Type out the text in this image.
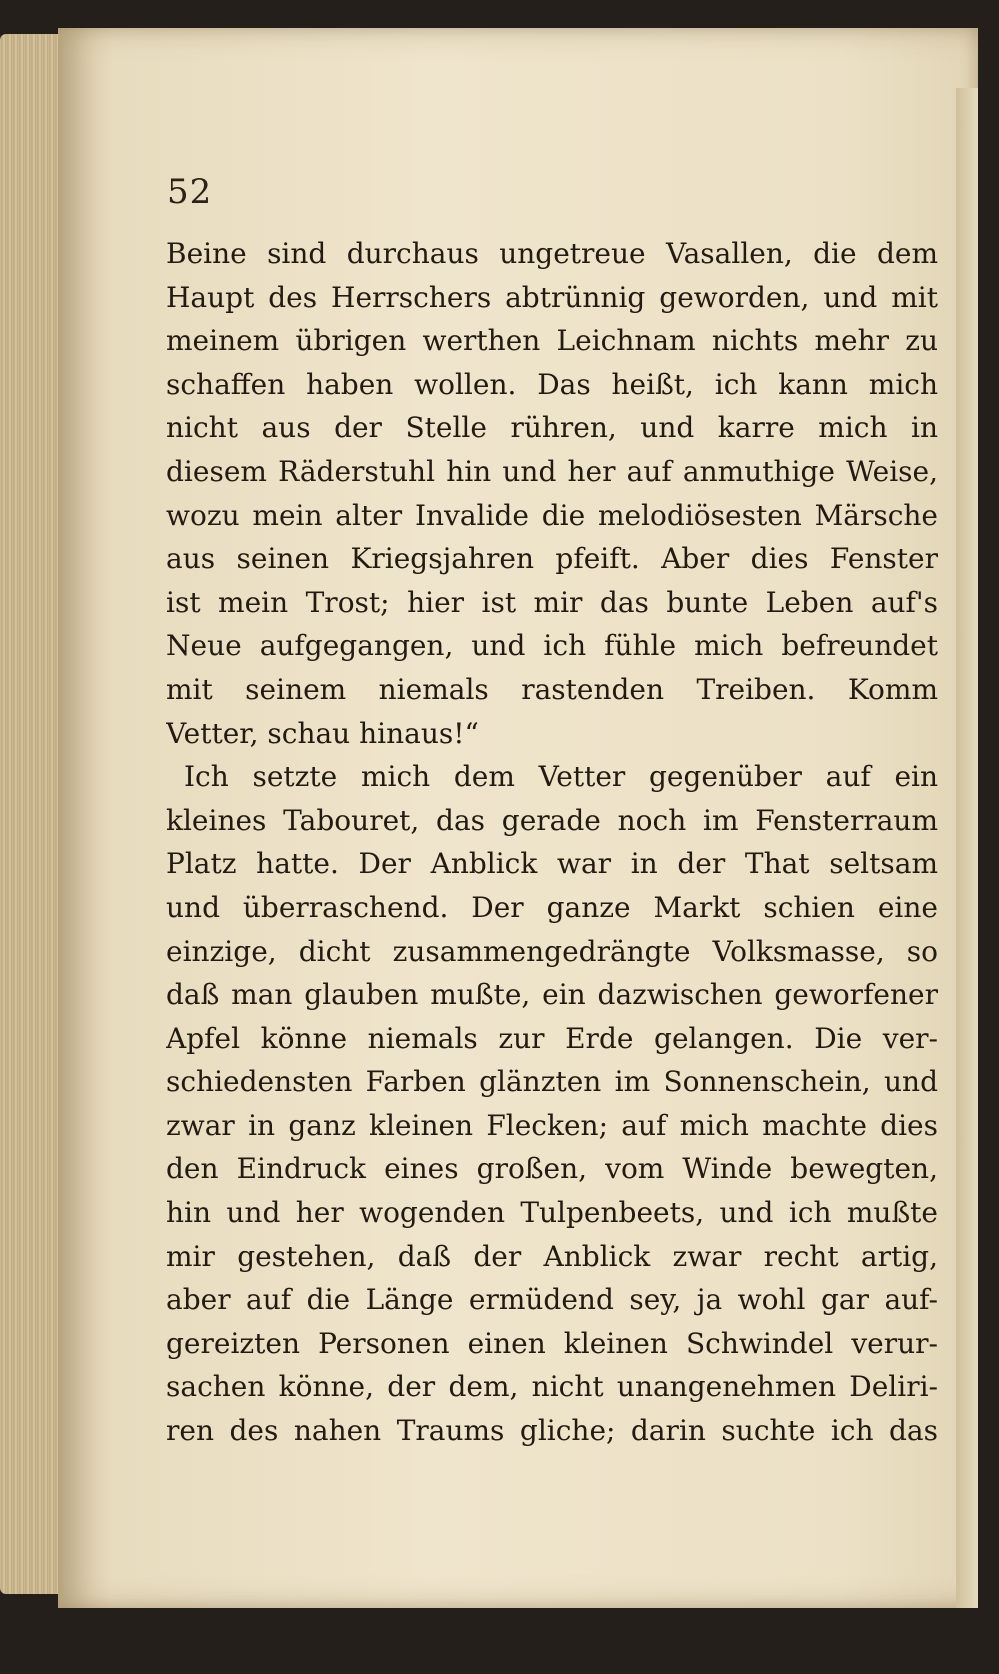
52
Beine sind durchaus ungetreue Vasallen, die dem
Haupt des Herrschers abtrünnig geworden, und mit
meinem übrigen werthen Leichnam nichts mehr zu
schaffen haben wollen. Das heißt, ich kann mich
nicht aus der Stelle rühren, und karre mich in
diesem Räderstuhl hin und her auf anmuthige Weise,
wozu mein alter Invalide die melodiösesten Märsche
aus seinen Kriegsjahren pfeift. Aber dies Fenster
ist mein Trost; hier ist mir das bunte Leben auf's
Neue aufgegangen, und ich fühle mich befreundet
mit seinem niemals rastenden Treiben. Komm
Vetter, schau hinaus!“
Ich setzte mich dem Vetter gegenüber auf ein
kleines Tabouret, das gerade noch im Fensterraum
Platz hatte. Der Anblick war in der That seltsam
und überraschend. Der ganze Markt schien eine
einzige, dicht zusammengedrängte Volksmasse, so
daß man glauben mußte, ein dazwischen geworfener
Apfel könne niemals zur Erde gelangen. Die ver-
schiedensten Farben glänzten im Sonnenschein, und
zwar in ganz kleinen Flecken; auf mich machte dies
den Eindruck eines großen, vom Winde bewegten,
hin und her wogenden Tulpenbeets, und ich mußte
mir gestehen, daß der Anblick zwar recht artig,
aber auf die Länge ermüdend sey, ja wohl gar auf-
gereizten Personen einen kleinen Schwindel verur-
sachen könne, der dem, nicht unangenehmen Deliri-
ren des nahen Traums gliche; darin suchte ich das
